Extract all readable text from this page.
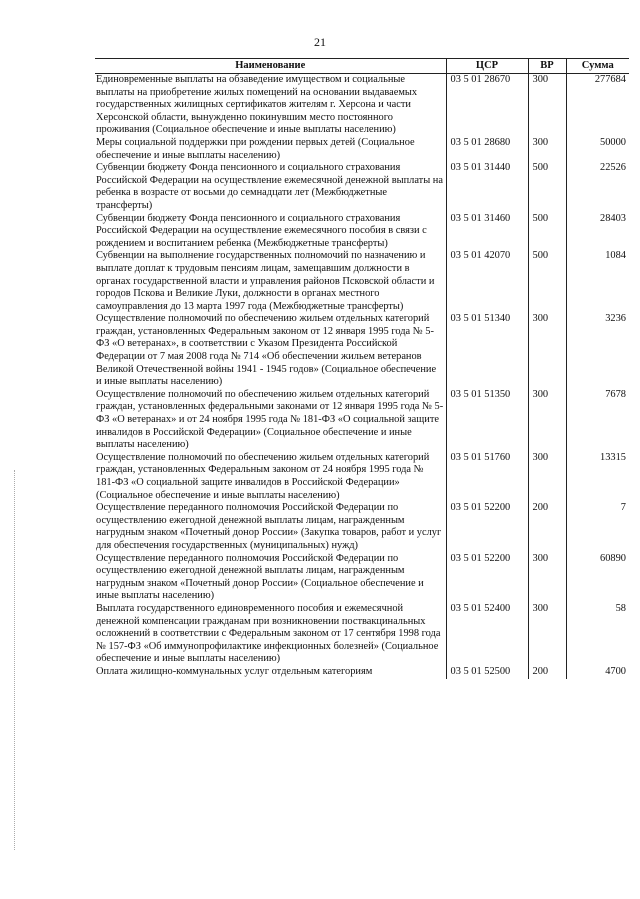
21
Наименование	ЦСР	ВР	Сумма
Единовременные выплаты на обзаведение имуществом и социальные выплаты на приобретение жилых помещений на основании выдаваемых государственных жилищных сертификатов жителям г. Херсона и части Херсонской области, вынужденно покинувшим место постоянного проживания (Социальное обеспечение и иные выплаты населению)	03 5 01 28670	300	277684
Меры социальной поддержки при рождении первых детей (Социальное обеспечение и иные выплаты населению)	03 5 01 28680	300	50000
Субвенции бюджету Фонда пенсионного и социального страхования Российской Федерации на осуществление ежемесячной денежной выплаты на ребенка в возрасте от восьми до семнадцати лет (Межбюджетные трансферты)	03 5 01 31440	500	22526
Субвенции бюджету Фонда пенсионного и социального страхования Российской Федерации на осуществление ежемесячного пособия в связи с рождением и воспитанием ребенка (Межбюджетные трансферты)	03 5 01 31460	500	28403
Субвенции на выполнение государственных полномочий по назначению и выплате доплат к трудовым пенсиям лицам, замещавшим должности в органах государственной власти и управления районов Псковской области и городов Пскова и Великие Луки, должности в органах местного самоуправления до 13 марта 1997 года (Межбюджетные трансферты)	03 5 01 42070	500	1084
Осуществление полномочий по обеспечению жильем отдельных категорий граждан, установленных Федеральным законом от 12 января 1995 года № 5-ФЗ «О ветеранах», в соответствии с Указом Президента Российской Федерации от 7 мая 2008 года № 714 «Об обеспечении жильем ветеранов Великой Отечественной войны 1941 - 1945 годов» (Социальное обеспечение и иные выплаты населению)	03 5 01 51340	300	3236
Осуществление полномочий по обеспечению жильем отдельных категорий граждан, установленных федеральными законами от 12 января 1995 года № 5-ФЗ «О ветеранах» и от 24 ноября 1995 года № 181-ФЗ «О социальной защите инвалидов в Российской Федерации» (Социальное обеспечение и иные выплаты населению)	03 5 01 51350	300	7678
Осуществление полномочий по обеспечению жильем отдельных категорий граждан, установленных Федеральным законом от 24 ноября 1995 года № 181-ФЗ «О социальной защите инвалидов в Российской Федерации» (Социальное обеспечение и иные выплаты населению)	03 5 01 51760	300	13315
Осуществление переданного полномочия Российской Федерации по осуществлению ежегодной денежной выплаты лицам, награжденным нагрудным знаком «Почетный донор России» (Закупка товаров, работ и услуг для обеспечения государственных (муниципальных) нужд)	03 5 01 52200	200	7
Осуществление переданного полномочия Российской Федерации по осуществлению ежегодной денежной выплаты лицам, награжденным нагрудным знаком «Почетный донор России» (Социальное обеспечение и иные выплаты населению)	03 5 01 52200	300	60890
Выплата государственного единовременного пособия и ежемесячной денежной компенсации гражданам при возникновении поствакцинальных осложнений в соответствии с Федеральным законом от 17 сентября 1998 года № 157-ФЗ «Об иммунопрофилактике инфекционных болезней» (Социальное обеспечение и иные выплаты населению)	03 5 01 52400	300	58
Оплата жилищно-коммунальных услуг отдельным категориям	03 5 01 52500	200	4700
